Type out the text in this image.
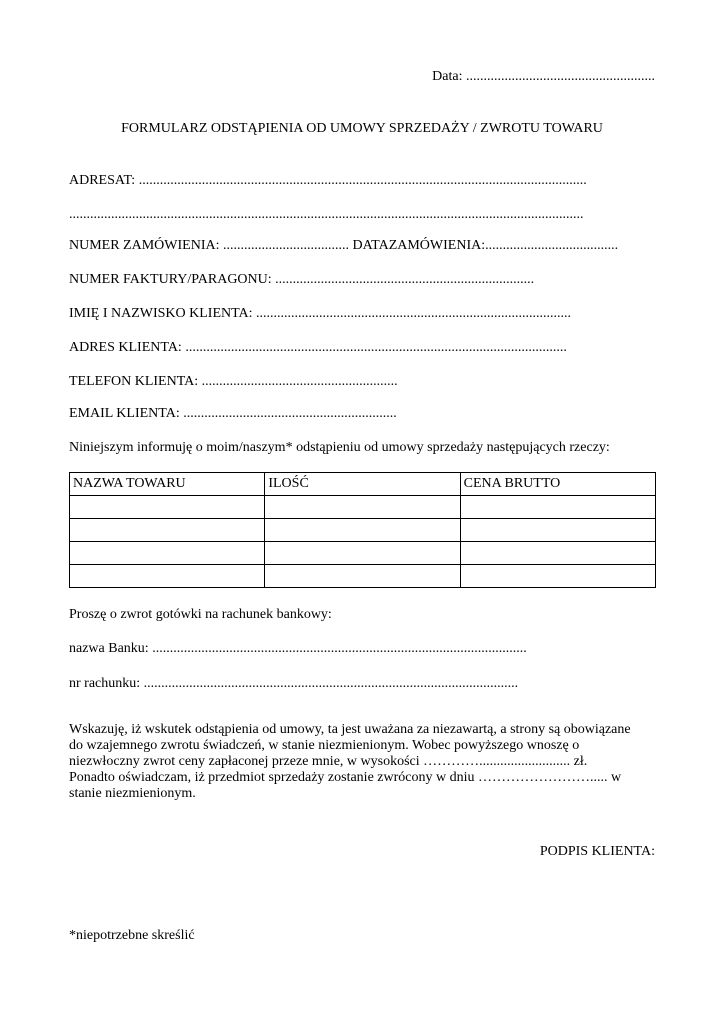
Data: ......................................................
FORMULARZ ODSTĄPIENIA OD UMOWY SPRZEDAŻY / ZWROTU TOWARU
ADRESAT: ................................................................................................................................
...................................................................................................................................................
NUMER ZAMÓWIENIA: .................................... DATAZAMÓWIENIA:......................................
NUMER FAKTURY/PARAGONU: ..........................................................................
IMIĘ I NAZWISKO KLIENTA: ..........................................................................................
ADRES KLIENTA: .............................................................................................................
TELEFON KLIENTA: ........................................................
EMAIL KLIENTA: .............................................................
Niniejszym informuję o moim/naszym* odstąpieniu od umowy sprzedaży następujących rzeczy:
NAZWA TOWARU	ILOŚĆ	CENA BRUTTO

Proszę o zwrot gotówki na rachunek bankowy:
nazwa Banku: ...........................................................................................................
nr rachunku: ...........................................................................................................
Wskazuję, iż wskutek odstąpienia od umowy, ta jest uważana za niezawartą, a strony są obowiązane
do wzajemnego zwrotu świadczeń, w stanie niezmienionym. Wobec powyższego wnoszę o
niezwłoczny zwrot ceny zapłaconej przeze mnie, w wysokości ………….......................... zł.
Ponadto oświadczam, iż przedmiot sprzedaży zostanie zwrócony w dniu ……………………..... w
stanie niezmienionym.
PODPIS KLIENTA:
*niepotrzebne skreślić
